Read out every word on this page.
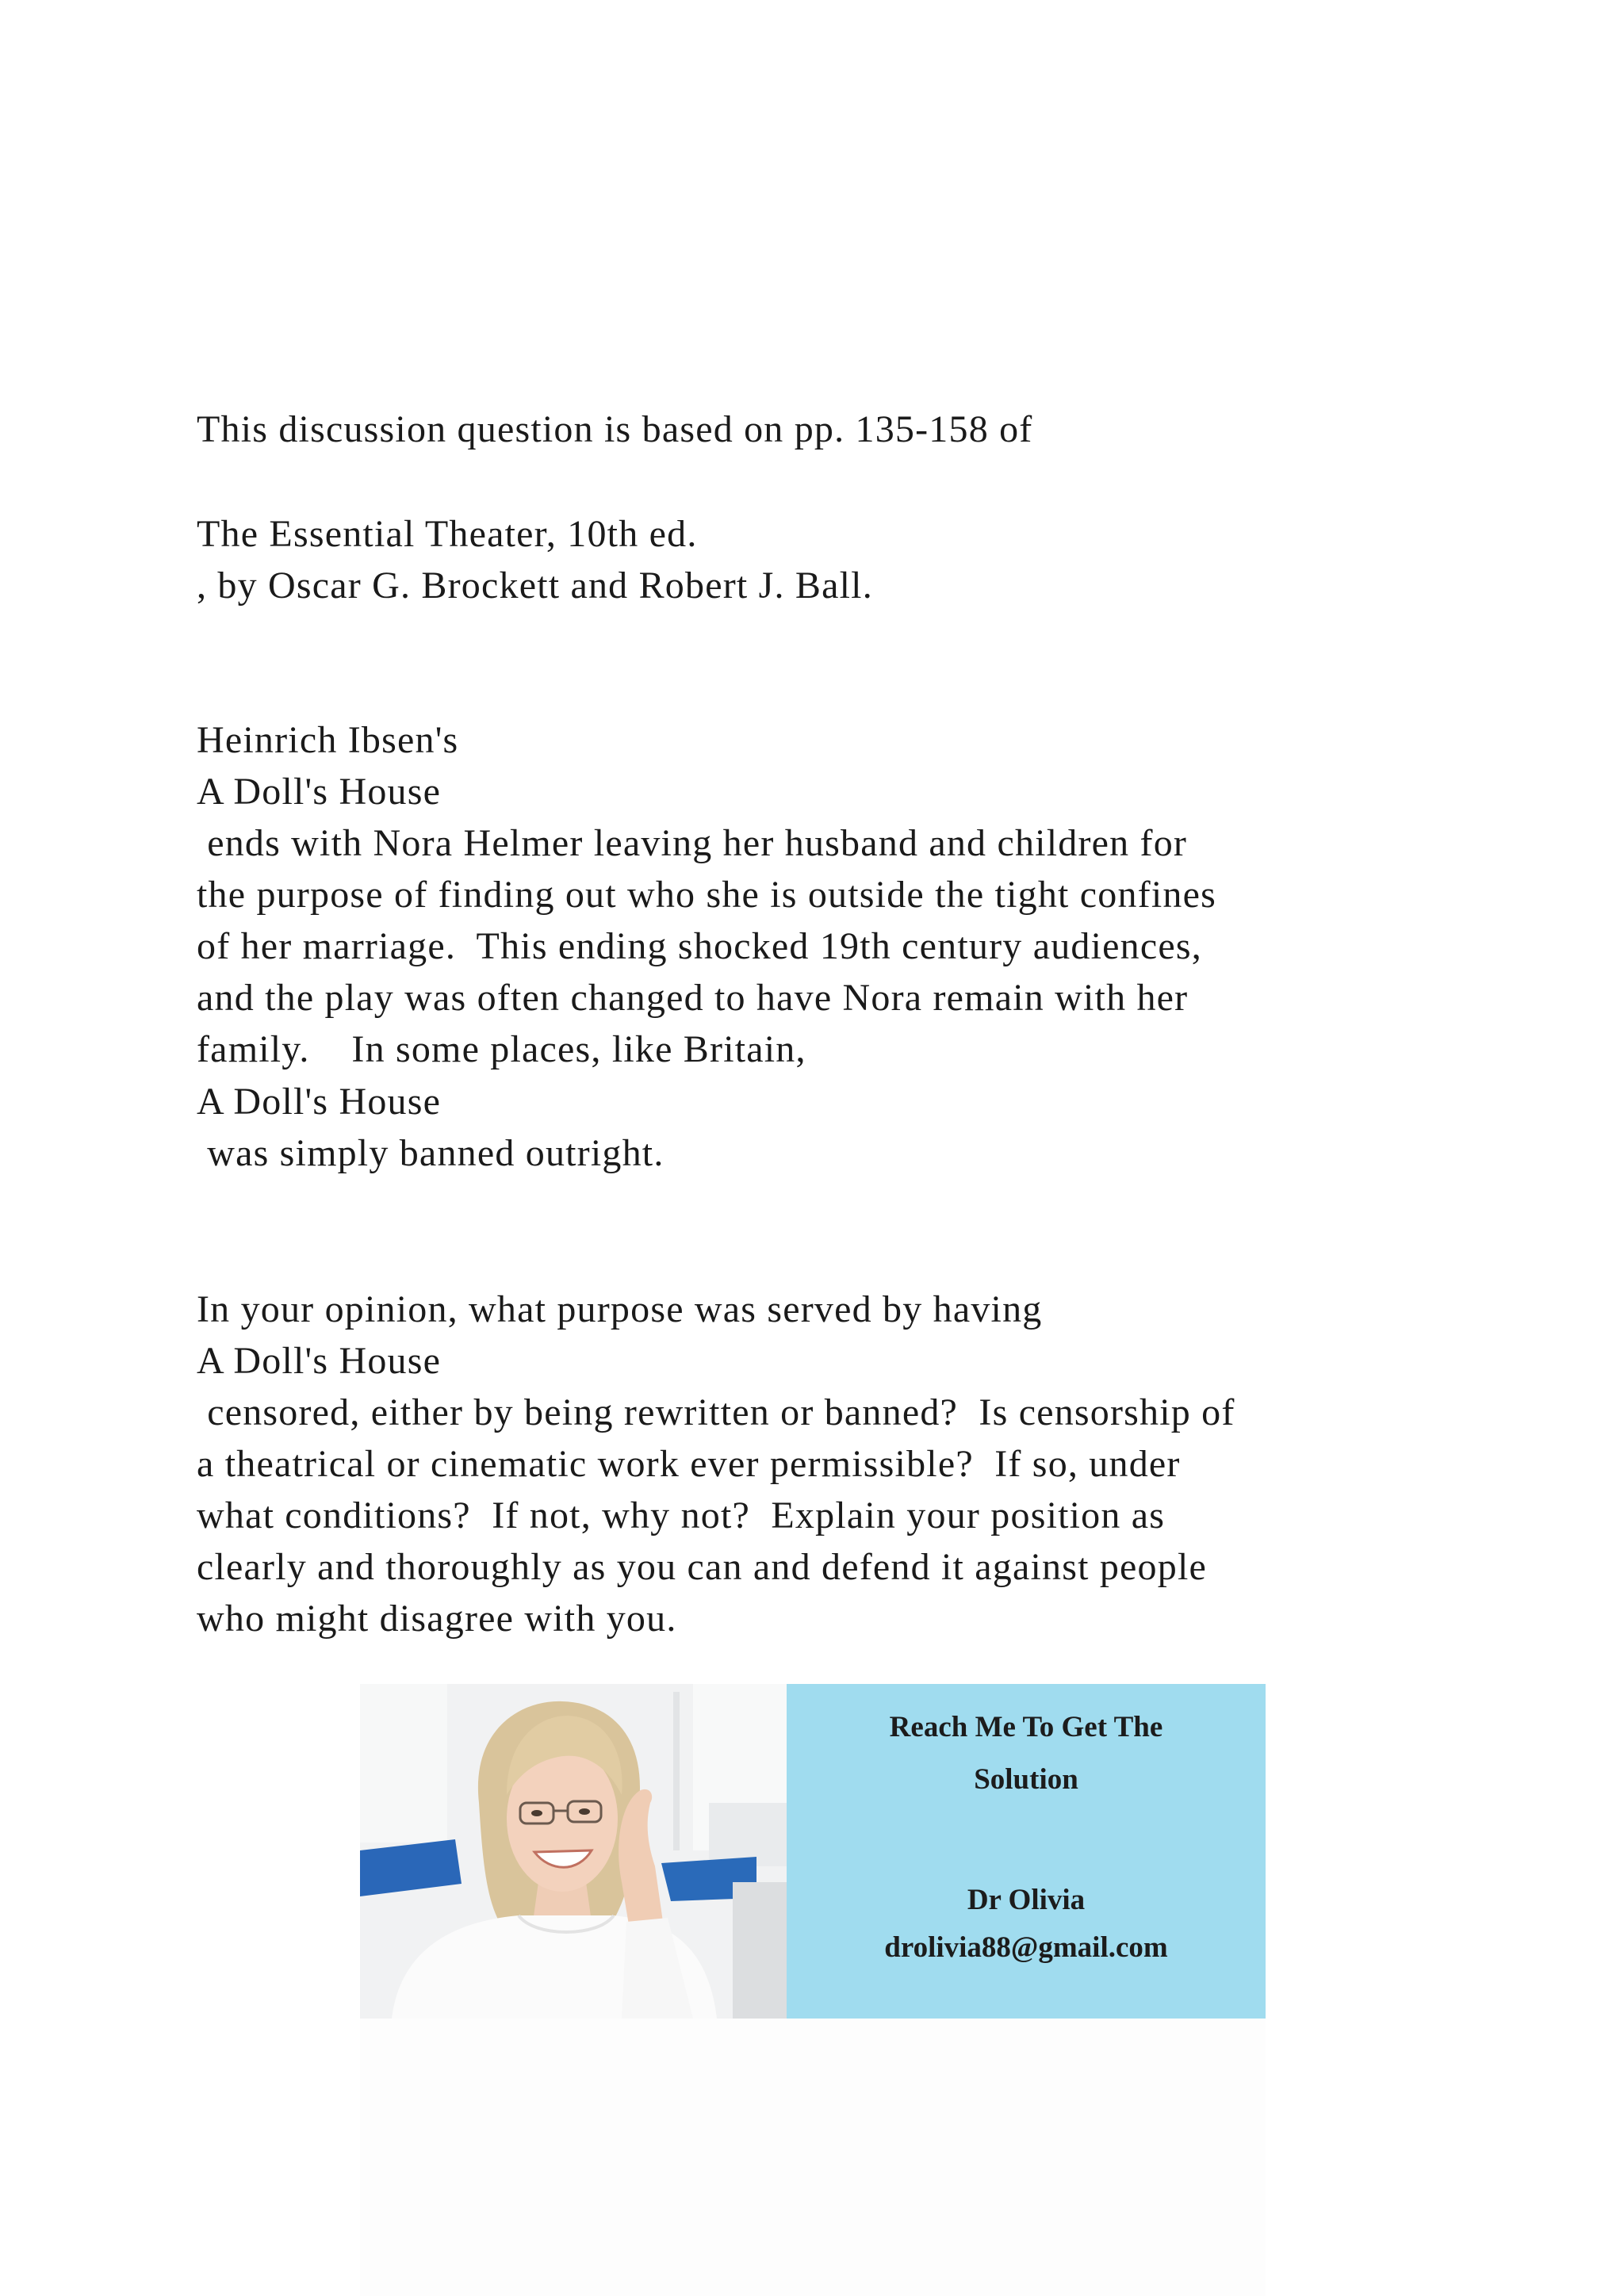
This discussion question is based on pp. 135-158 of
The Essential Theater, 10th ed.
, by Oscar G. Brockett and Robert J. Ball.
Heinrich Ibsen's
A Doll's House
ends with Nora Helmer leaving her husband and children for
the purpose of finding out who she is outside the tight confines
of her marriage.  This ending shocked 19th century audiences,
and the play was often changed to have Nora remain with her
family.    In some places, like Britain,
A Doll's House
was simply banned outright.
In your opinion, what purpose was served by having
A Doll's House
censored, either by being rewritten or banned?  Is censorship of
a theatrical or cinematic work ever permissible?  If so, under
what conditions?  If not, why not?  Explain your position as
clearly and thoroughly as you can and defend it against people
who might disagree with you.
Reach Me To Get The
Solution
Dr Olivia
drolivia88@gmail.com
